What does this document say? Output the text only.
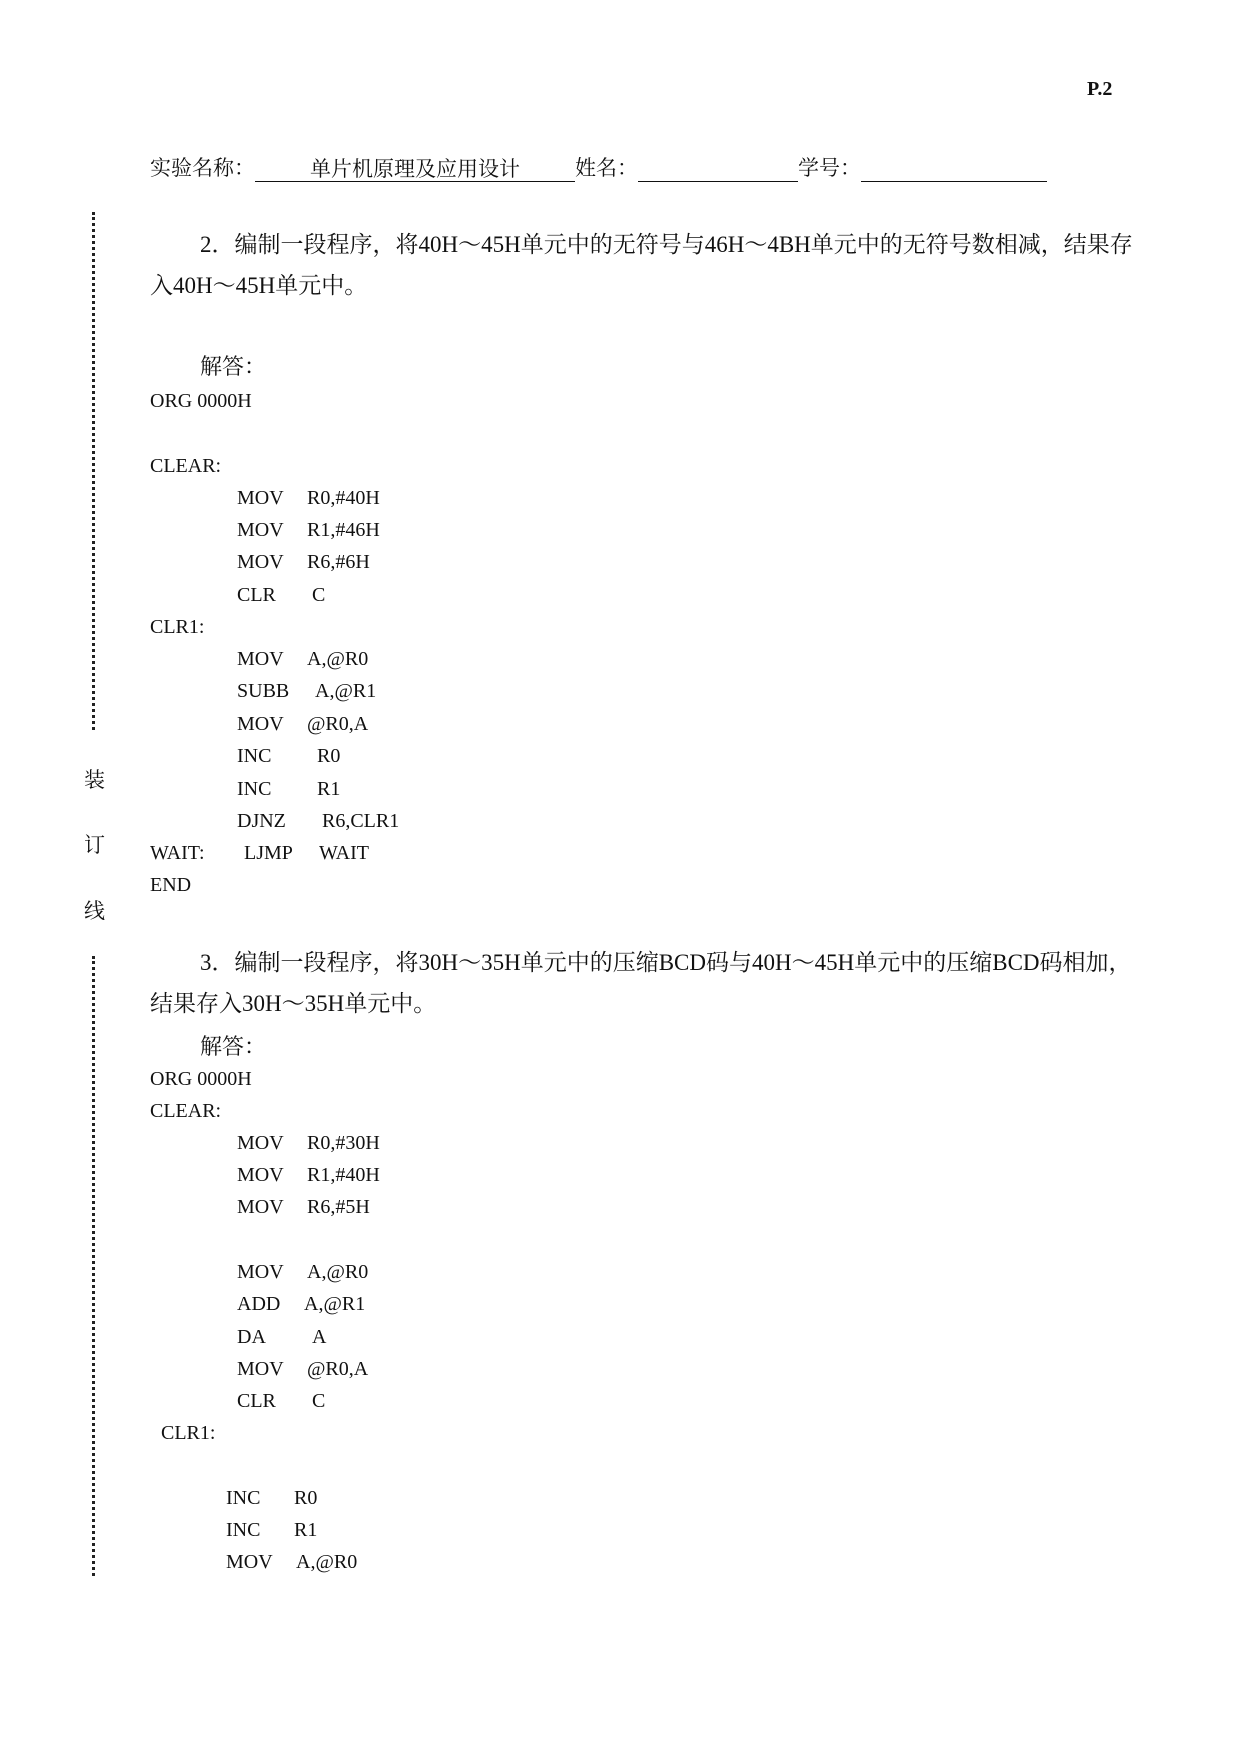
P.2
实验名称：	单片机原理及应用设计	姓名：	学号：
装
订
线
2．编制一段程序，将40H～45H单元中的无符号与46H～4BH单元中的无符号数相减，结果存入40H～45H单元中。
解答：
ORG 0000H
CLEAR:
MOV R0,#40H
MOV R1,#46H
MOV R6,#6H
CLR C
CLR1:
MOV A,@R0
SUBB A,@R1
MOV @R0,A
INC R0
INC R1
DJNZ R6,CLR1
WAIT: LJMP WAIT
END
3．编制一段程序，将30H～35H单元中的压缩BCD码与40H～45H单元中的压缩BCD码相加，结果存入30H～35H单元中。
解答：
ORG 0000H
CLEAR:
MOV R0,#30H
MOV R1,#40H
MOV R6,#5H
MOV A,@R0
ADD A,@R1
DA A
MOV @R0,A
CLR C
CLR1:
INC R0
INC R1
MOV A,@R0
